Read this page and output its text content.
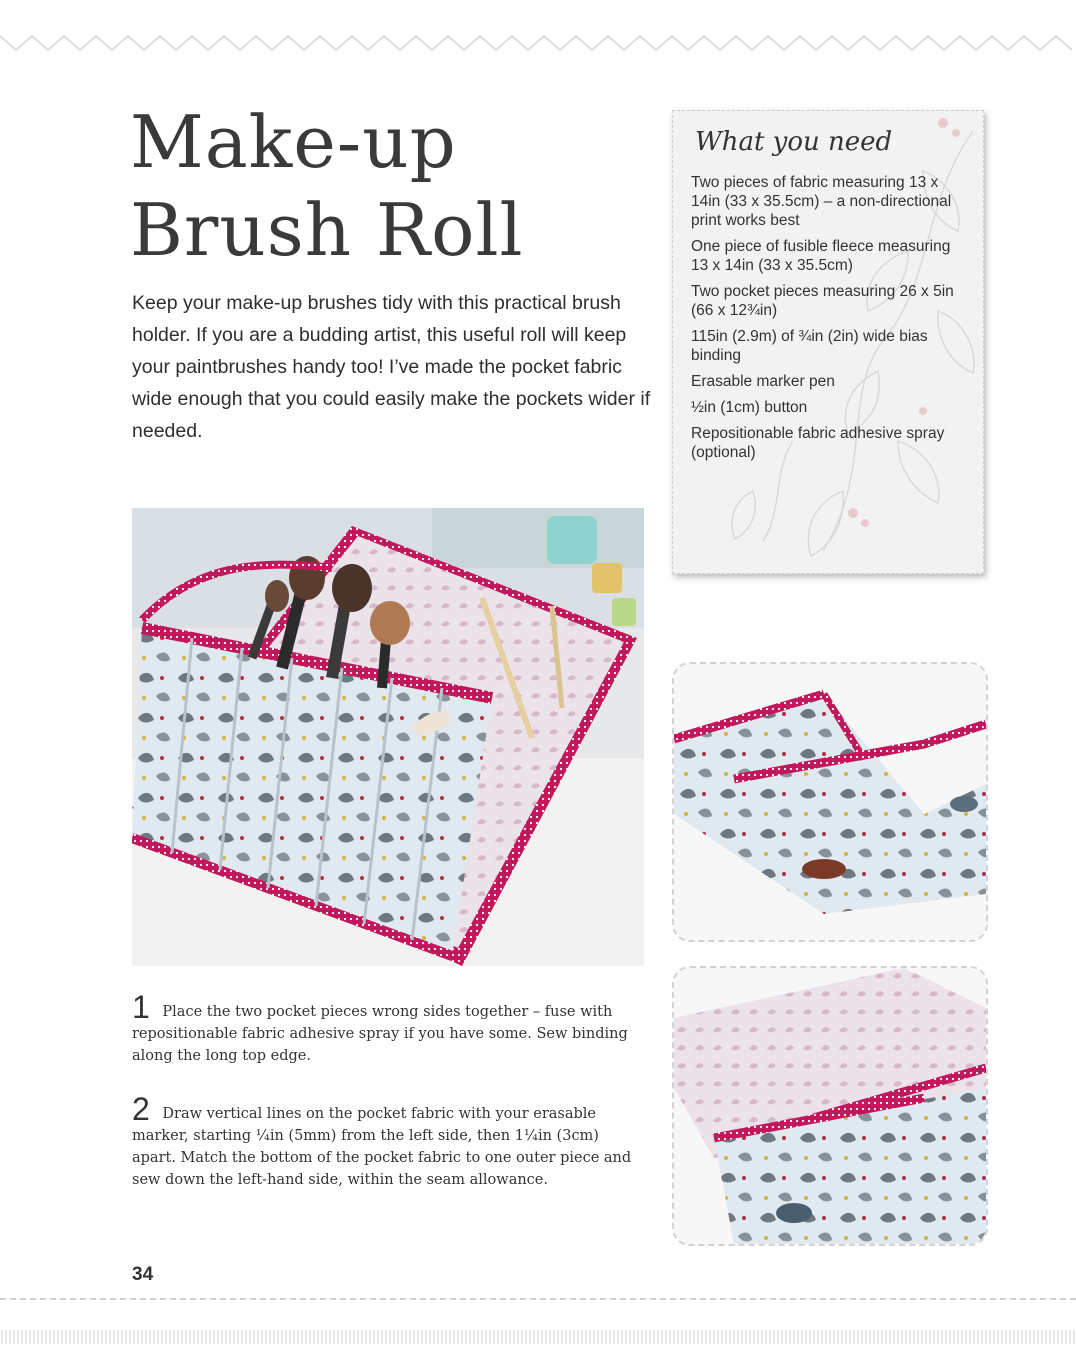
Make-up
Brush Roll

Keep your make-up brushes tidy with this practical brush holder. If you are a budding artist, this useful roll will keep your paintbrushes handy too! I’ve made the pocket fabric wide enough that you could easily make the pockets wider if needed.

What you need
Two pieces of fabric measuring 13 x 14in (33 x 35.5cm) – a non-directional print works best
One piece of fusible fleece measuring 13 x 14in (33 x 35.5cm)
Two pocket pieces measuring 26 x 5in (66 x 12¾in)
115in (2.9m) of ¾in (2in) wide bias binding
Erasable marker pen
½in (1cm) button
Repositionable fabric adhesive spray (optional)

1 Place the two pocket pieces wrong sides together – fuse with repositionable fabric adhesive spray if you have some. Sew binding along the long top edge.

2 Draw vertical lines on the pocket fabric with your erasable marker, starting ¼in (5mm) from the left side, then 1¼in (3cm) apart. Match the bottom of the pocket fabric to one outer piece and sew down the left-hand side, within the seam allowance.

34
